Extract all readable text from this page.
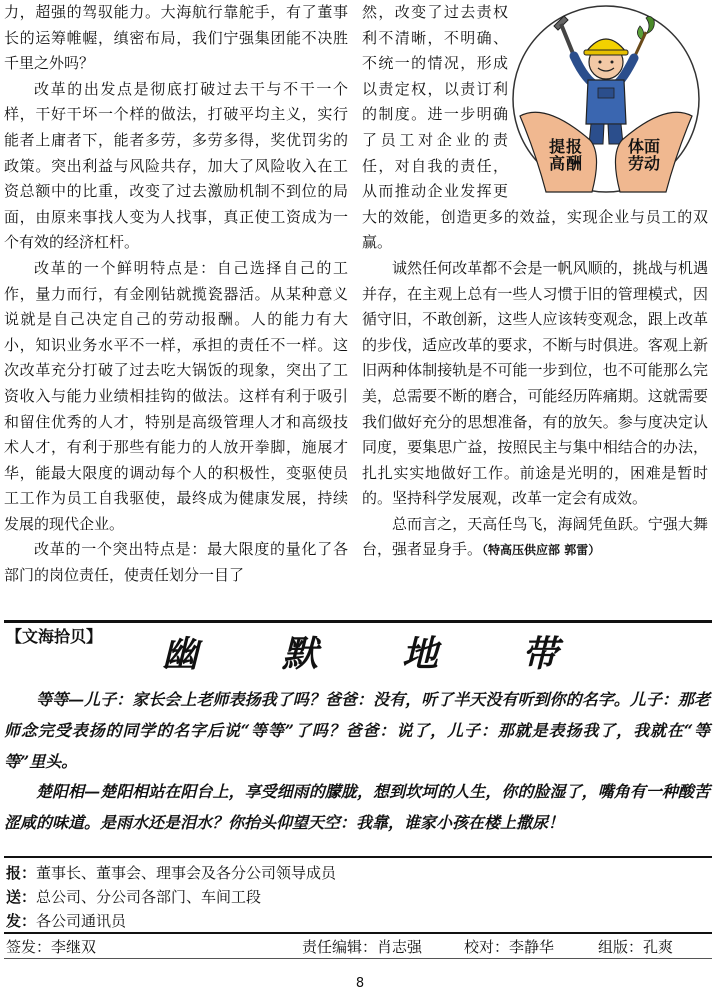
力，超强的驾驭能力。大海航行靠舵手，有了董事长的运筹帷幄，缜密布局，我们宁强集团能不决胜千里之外吗？

改革的出发点是彻底打破过去干与不干一个样，干好干坏一个样的做法，打破平均主义，实行能者上庸者下，能者多劳，多劳多得，奖优罚劣的政策。突出利益与风险共存，加大了风险收入在工资总额中的比重，改变了过去激励机制不到位的局面，由原来事找人变为人找事，真正使工资成为一个有效的经济杠杆。

改革的一个鲜明特点是：自己选择自己的工作，量力而行，有金刚钻就揽瓷器活。从某种意义说就是自己决定自己的劳动报酬。人的能力有大小，知识业务水平不一样，承担的责任不一样。这次改革充分打破了过去吃大锅饭的现象，突出了工资收入与能力业绩相挂钩的做法。这样有利于吸引和留住优秀的人才，特别是高级管理人才和高级技术人才，有利于那些有能力的人放开拳脚，施展才华，能最大限度的调动每个人的积极性，变驱使员工工作为员工自我驱使，最终成为健康发展，持续发展的现代企业。

改革的一个突出特点是：最大限度的量化了各部门的岗位责任，使责任划分一目了

然，改变了过去责权利不清晰，不明确、不统一的情况，形成以责定权，以责订利的制度。进一步明确了员工对企业的责任，对自我的责任，从而推动企业发挥更大的效能，创造更多的效益，实现企业与员工的双赢。

诚然任何改革都不会是一帆风顺的，挑战与机遇并存，在主观上总有一些人习惯于旧的管理模式，因循守旧，不敢创新，这些人应该转变观念，跟上改革的步伐，适应改革的要求，不断与时俱进。客观上新旧两种体制接轨是不可能一步到位，也不可能那么完美，总需要不断的磨合，可能经历阵痛期。这就需要我们做好充分的思想准备，有的放矢。参与度决定认同度，要集思广益，按照民主与集中相结合的办法，扎扎实实地做好工作。前途是光明的，困难是暂时的。坚持科学发展观，改革一定会有成效。

总而言之，天高任鸟飞，海阔凭鱼跃。宁强大舞台，强者显身手。（特高压供应部 郭雷）

提高
报酬
体面劳动
【文海拾贝】	幽	默	地	带

等等—儿子：家长会上老师表扬我了吗？爸爸：没有，听了半天没有听到你的名字。儿子：那老师念完受表扬的同学的名字后说“等等”了吗？爸爸：说了，儿子：那就是表扬我了，我就在“等等”里头。

楚阳相—楚阳相站在阳台上，享受细雨的朦胧，想到坎坷的人生，你的脸湿了，嘴角有一种酸苦涩咸的味道。是雨水还是泪水？你抬头仰望天空：我靠，谁家小孩在楼上撒尿！

报：董事长、董事会、理事会及各分公司领导成员
送：总公司、分公司各部门、车间工段
发：各公司通讯员
签发：李继双	责任编辑：肖志强	校对：李静华	组版：孔爽
8
